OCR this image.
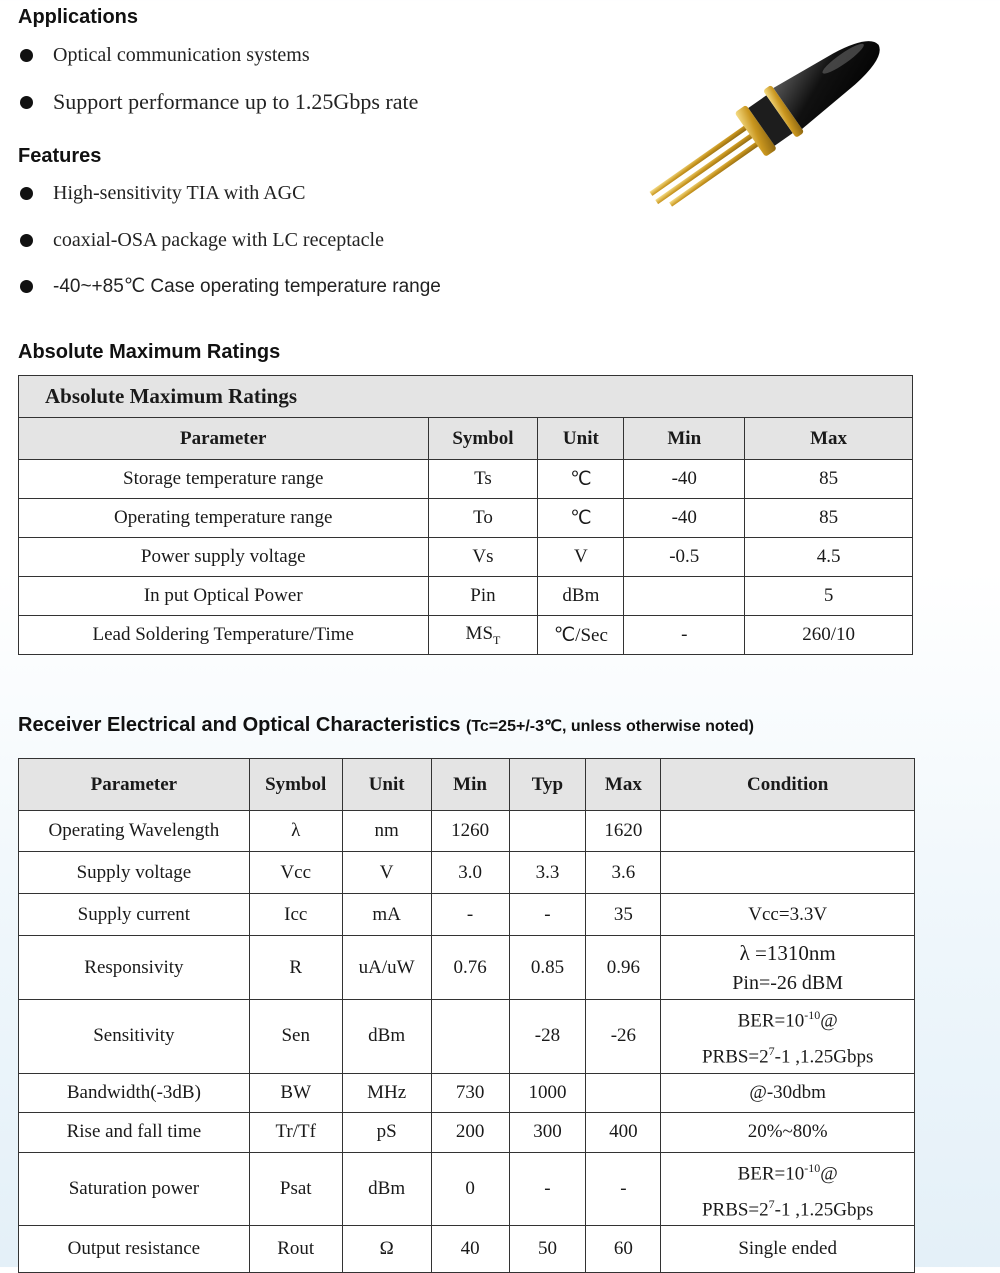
Applications
Optical communication systems
Support performance up to 1.25Gbps rate
Features
High-sensitivity TIA with AGC
coaxial-OSA package with LC receptacle
-40~+85℃ Case operating temperature range
Absolute Maximum Ratings
Absolute Maximum Ratings				
Parameter	Symbol	Unit	Min	Max
Storage temperature range	Ts	℃	-40	85
Operating temperature range	To	℃	-40	85
Power supply voltage	Vs	V	-0.5	4.5
In put Optical Power	Pin	dBm		5
Lead Soldering Temperature/Time	$MS_T$	℃/Sec	-	260/10
Receiver Electrical and Optical Characteristics (Tc=25+/-3℃, unless otherwise noted)
Parameter	Symbol	Unit	Min	Typ	Max	Condition
Operating Wavelength	λ	nm	1260		1620	
Supply voltage	Vcc	V	3.0	3.3	3.6	
Supply current	Icc	mA	-	-	35	Vcc=3.3V
Responsivity	R	uA/uW	0.76	0.85	0.96	λ =1310nm
Pin=-26 dBM

Sensitivity	Sen	dBm		-28	-26	$BER=10^{-10}@$
$PRBS=2^7-1$ ,1.25Gbps

Bandwidth(-3dB)	BW	MHz	730	1000		@-30dbm
Rise and fall time	Tr/Tf	pS	200	300	400	20%~80%
Saturation power	Psat	dBm	0	-	-	$BER=10^{-10}@$
$PRBS=2^7-1$ ,1.25Gbps

Output resistance	Rout	Ω	40	50	60	Single ended
